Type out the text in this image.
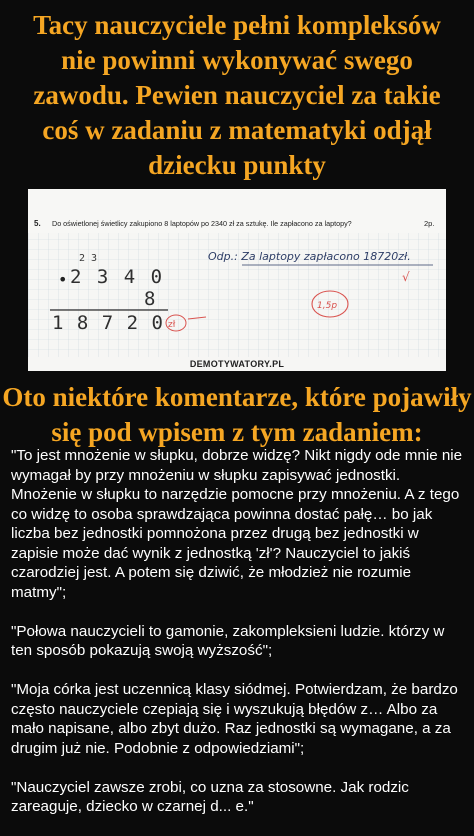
Tacy nauczyciele pełni kompleksów nie powinni wykonywać swego zawodu. Pewien nauczyciel za takie coś w zadaniu z matematyki odjął dziecku punkty
5. Do oświetlonej świetlicy zakupiono 8 laptopów po 2340 zł za sztukę. Ile zapłacono za laptopy?	2p.
2 3
• 2 3 4 0
8
1 8 7 2 0 zł
Odp.: Za laptopy zapłacono 18720zł.
√
1,5p
DEMOTYWATORY.PL
Oto niektóre komentarze, które pojawiły się pod wpisem z tym zadaniem:

"To jest mnożenie w słupku, dobrze widzę? Nikt nigdy ode mnie nie wymagał by przy mnożeniu w słupku zapisywać jednostki. Mnożenie w słupku to narzędzie pomocne przy mnożeniu. A z tego co widzę to osoba sprawdzająca powinna dostać pałę… bo jak liczba bez jednostki pomnożona przez drugą bez jednostki w zapisie może dać wynik z jednostką 'zł'? Nauczyciel to jakiś czarodziej jest. A potem się dziwić, że młodzież nie rozumie matmy";

"Połowa nauczycieli to gamonie, zakompleksieni ludzie. którzy w ten sposób pokazują swoją wyższość";

"Moja córka jest uczennicą klasy siódmej. Potwierdzam, że bardzo często nauczyciele czepiają się i wyszukują błędów z… Albo za mało napisane, albo zbyt dużo. Raz jednostki są wymagane, a za drugim już nie. Podobnie z odpowiedziami";

"Nauczyciel zawsze zrobi, co uzna za stosowne. Jak rodzic zareaguje, dziecko w czarnej d... e."
